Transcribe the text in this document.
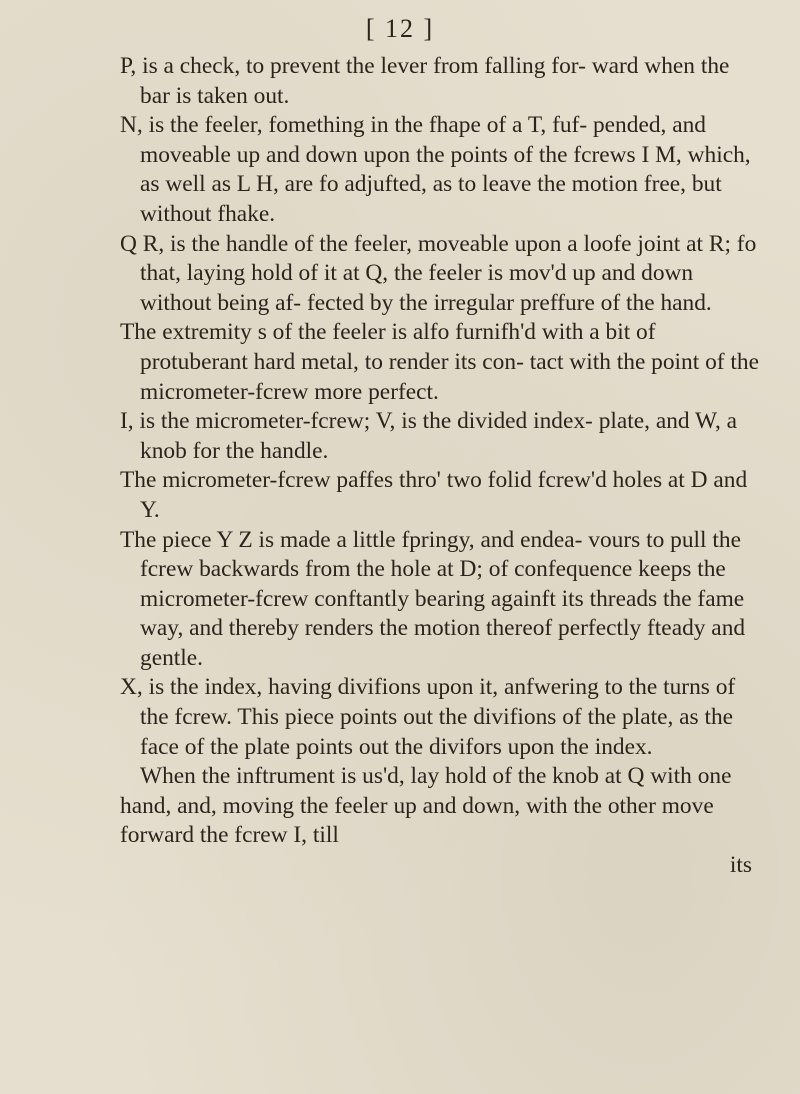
[ 12 ]

P, is a check, to prevent the lever from falling for- ward when the bar is taken out.

N, is the feeler, fomething in the fhape of a T, fuf- pended, and moveable up and down upon the points of the fcrews I M, which, as well as L H, are fo adjufted, as to leave the motion free, but without fhake.

Q R, is the handle of the feeler, moveable upon a loofe joint at R; fo that, laying hold of it at Q, the feeler is mov'd up and down without being af- fected by the irregular preffure of the hand.

The extremity s of the feeler is alfo furnifh'd with a bit of protuberant hard metal, to render its con- tact with the point of the micrometer-fcrew more perfect.

I, is the micrometer-fcrew; V, is the divided index- plate, and W, a knob for the handle.

The micrometer-fcrew paffes thro' two folid fcrew'd holes at D and Y.

The piece Y Z is made a little fpringy, and endea- vours to pull the fcrew backwards from the hole at D; of confequence keeps the micrometer-fcrew conftantly bearing againft its threads the fame way, and thereby renders the motion thereof perfectly fteady and gentle.

X, is the index, having divifions upon it, anfwering to the turns of the fcrew. This piece points out the divifions of the plate, as the face of the plate points out the divifors upon the index.

When the inftrument is us'd, lay hold of the knob at Q with one hand, and, moving the feeler up and down, with the other move forward the fcrew I, till

its
